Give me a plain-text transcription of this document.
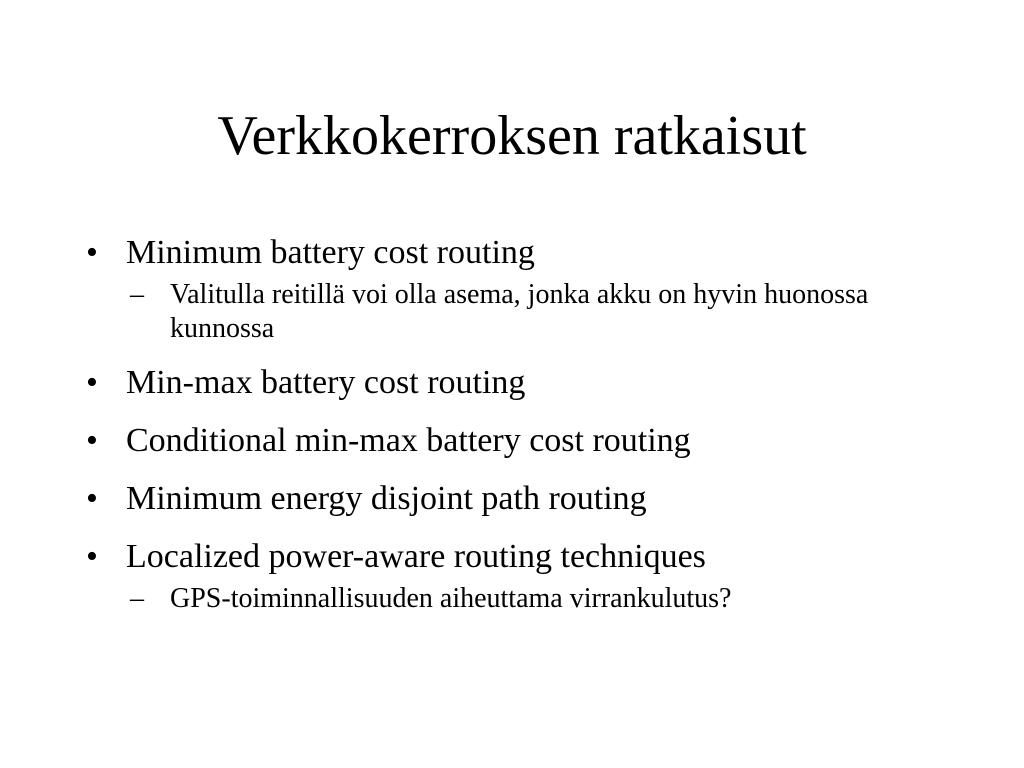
Verkkokerroksen ratkaisut
• Minimum battery cost routing
– Valitulla reitillä voi olla asema, jonka akku on hyvin huonossa kunnossa
• Min-max battery cost routing
• Conditional min-max battery cost routing
• Minimum energy disjoint path routing
• Localized power-aware routing techniques
– GPS-toiminnallisuuden aiheuttama virrankulutus?
